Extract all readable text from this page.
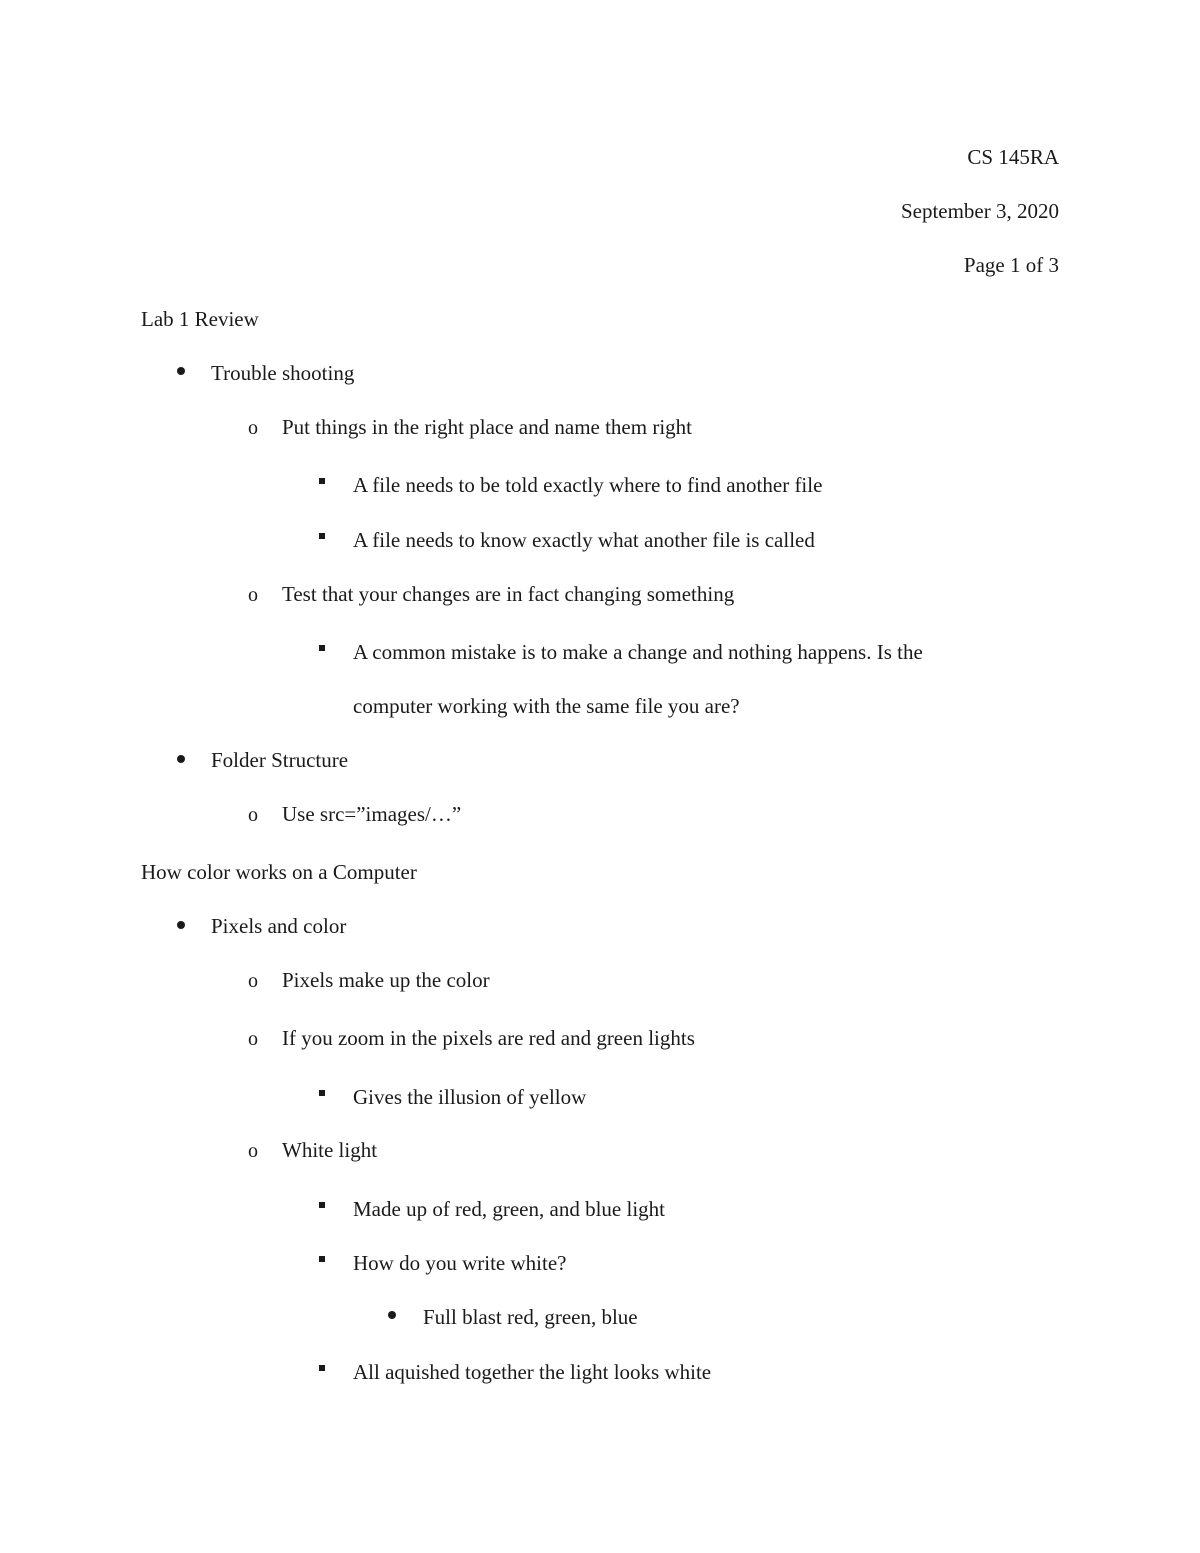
CS 145RA
September 3, 2020
Page 1 of 3
Lab 1 Review
Trouble shooting
o Put things in the right place and name them right
A file needs to be told exactly where to find another file
A file needs to know exactly what another file is called
o Test that your changes are in fact changing something
A common mistake is to make a change and nothing happens. Is the
computer working with the same file you are?
Folder Structure
o Use src=”images/…”
How color works on a Computer
Pixels and color
o Pixels make up the color
o If you zoom in the pixels are red and green lights
Gives the illusion of yellow
o White light
Made up of red, green, and blue light
How do you write white?
Full blast red, green, blue
All aquished together the light looks white
